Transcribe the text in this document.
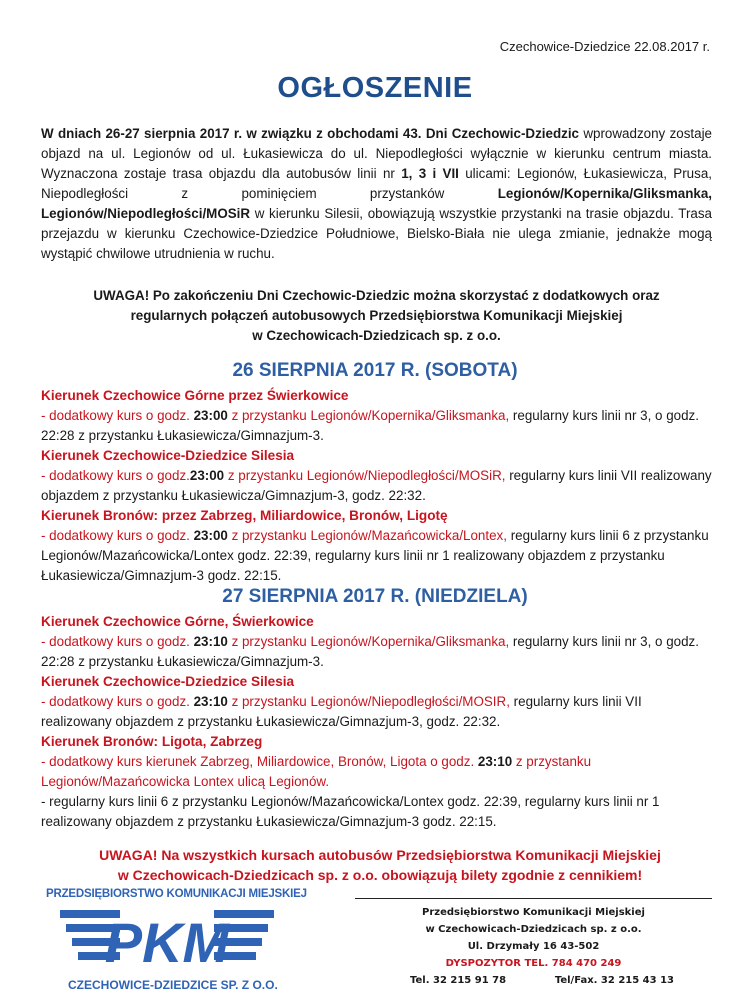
Czechowice-Dziedzice 22.08.2017 r.
OGŁOSZENIE
W dniach 26-27 sierpnia 2017 r. w związku z obchodami 43. Dni Czechowic-Dziedzic wprowadzony zostaje objazd na ul. Legionów od ul. Łukasiewicza do ul. Niepodległości wyłącznie w kierunku centrum miasta. Wyznaczona zostaje trasa objazdu dla autobusów linii nr 1, 3 i VII ulicami: Legionów, Łukasiewicza, Prusa, Niepodległości z pominięciem przystanków Legionów/Kopernika/Gliksmanka, Legionów/Niepodległości/MOSiR w kierunku Silesii, obowiązują wszystkie przystanki na trasie objazdu. Trasa przejazdu w kierunku Czechowice-Dziedzice Południowe, Bielsko-Biała nie ulega zmianie, jednakże mogą wystąpić chwilowe utrudnienia w ruchu.
UWAGA! Po zakończeniu Dni Czechowic-Dziedzic można skorzystać z dodatkowych oraz
regularnych połączeń autobusowych Przedsiębiorstwa Komunikacji Miejskiej
w Czechowicach-Dziedzicach sp. z o.o.
26 SIERPNIA 2017 R. (SOBOTA)
Kierunek Czechowice Górne przez Świerkowice
- dodatkowy kurs o godz. 23:00 z przystanku Legionów/Kopernika/Gliksmanka, regularny kurs linii nr 3, o godz. 22:28 z przystanku Łukasiewicza/Gimnazjum-3.
Kierunek Czechowice-Dziedzice Silesia
- dodatkowy kurs o godz.23:00 z przystanku Legionów/Niepodległości/MOSiR, regularny kurs linii VII realizowany objazdem z przystanku Łukasiewicza/Gimnazjum-3, godz. 22:32.
Kierunek Bronów: przez Zabrzeg, Miliardowice, Bronów, Ligotę
- dodatkowy kurs o godz. 23:00 z przystanku Legionów/Mazańcowicka/Lontex, regularny kurs linii 6 z przystanku Legionów/Mazańcowicka/Lontex godz. 22:39, regularny kurs linii nr 1 realizowany objazdem z przystanku Łukasiewicza/Gimnazjum-3 godz. 22:15.
27 SIERPNIA 2017 R. (NIEDZIELA)
Kierunek Czechowice Górne, Świerkowice
- dodatkowy kurs o godz. 23:10 z przystanku Legionów/Kopernika/Gliksmanka, regularny kurs linii nr 3, o godz. 22:28 z przystanku Łukasiewicza/Gimnazjum-3.
Kierunek Czechowice-Dziedzice Silesia
- dodatkowy kurs o godz. 23:10 z przystanku Legionów/Niepodległości/MOSIR, regularny kurs linii VII realizowany objazdem z przystanku Łukasiewicza/Gimnazjum-3, godz. 22:32.
Kierunek Bronów: Ligota, Zabrzeg
- dodatkowy kurs kierunek Zabrzeg, Miliardowice, Bronów, Ligota o godz. 23:10 z przystanku Legionów/Mazańcowicka Lontex ulicą Legionów.
- regularny kurs linii 6 z przystanku Legionów/Mazańcowicka/Lontex godz. 22:39, regularny kurs linii nr 1 realizowany objazdem z przystanku Łukasiewicza/Gimnazjum-3 godz. 22:15.
UWAGA! Na wszystkich kursach autobusów Przedsiębiorstwa Komunikacji Miejskiej
w Czechowicach-Dziedzicach sp. z o.o. obowiązują bilety zgodnie z cennikiem!
PRZEDSIĘBIORSTWO KOMUNIKACJI MIEJSKIEJ
PKM
CZECHOWICE-DZIEDZICE SP. Z O.O.
Przedsiębiorstwo Komunikacji Miejskiej
w Czechowicach-Dziedzicach sp. z o.o.
Ul. Drzymały 16 43-502
DYSPOZYTOR TEL. 784 470 249
Tel. 32 215 91 78	Tel/Fax. 32 215 43 13
